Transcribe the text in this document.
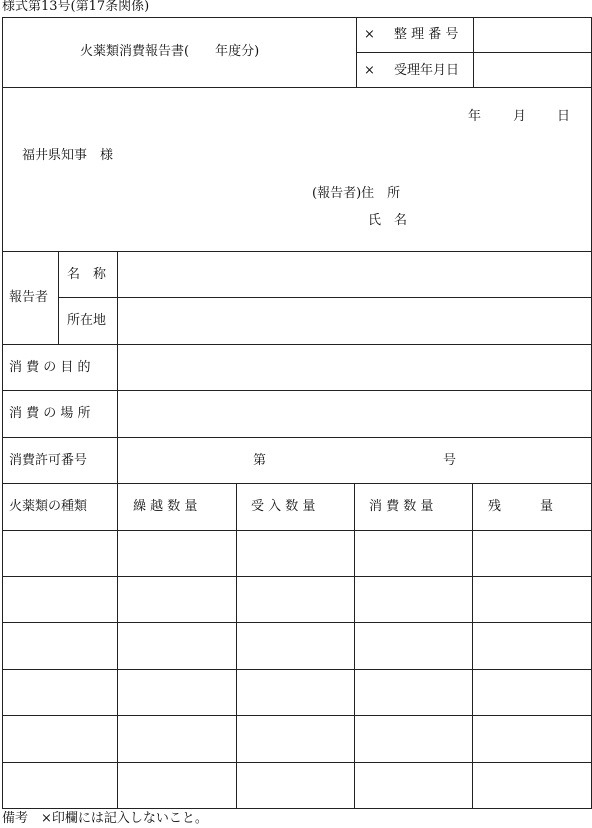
様式第13号(第17条関係)
火薬類消費報告書(　　年度分)
× 整 理 番 号
× 受理年月日
年 月 日
福井県知事　様
(報告者)住　所
氏　名
報告者
名　称
所在地
消 費 の 目 的
消 費 の 場 所
消費許可番号	第	号
火薬類の種類	繰 越 数 量	受 入 数 量	消 費 数 量	残　　　量
備考　×印欄には記入しないこと。
